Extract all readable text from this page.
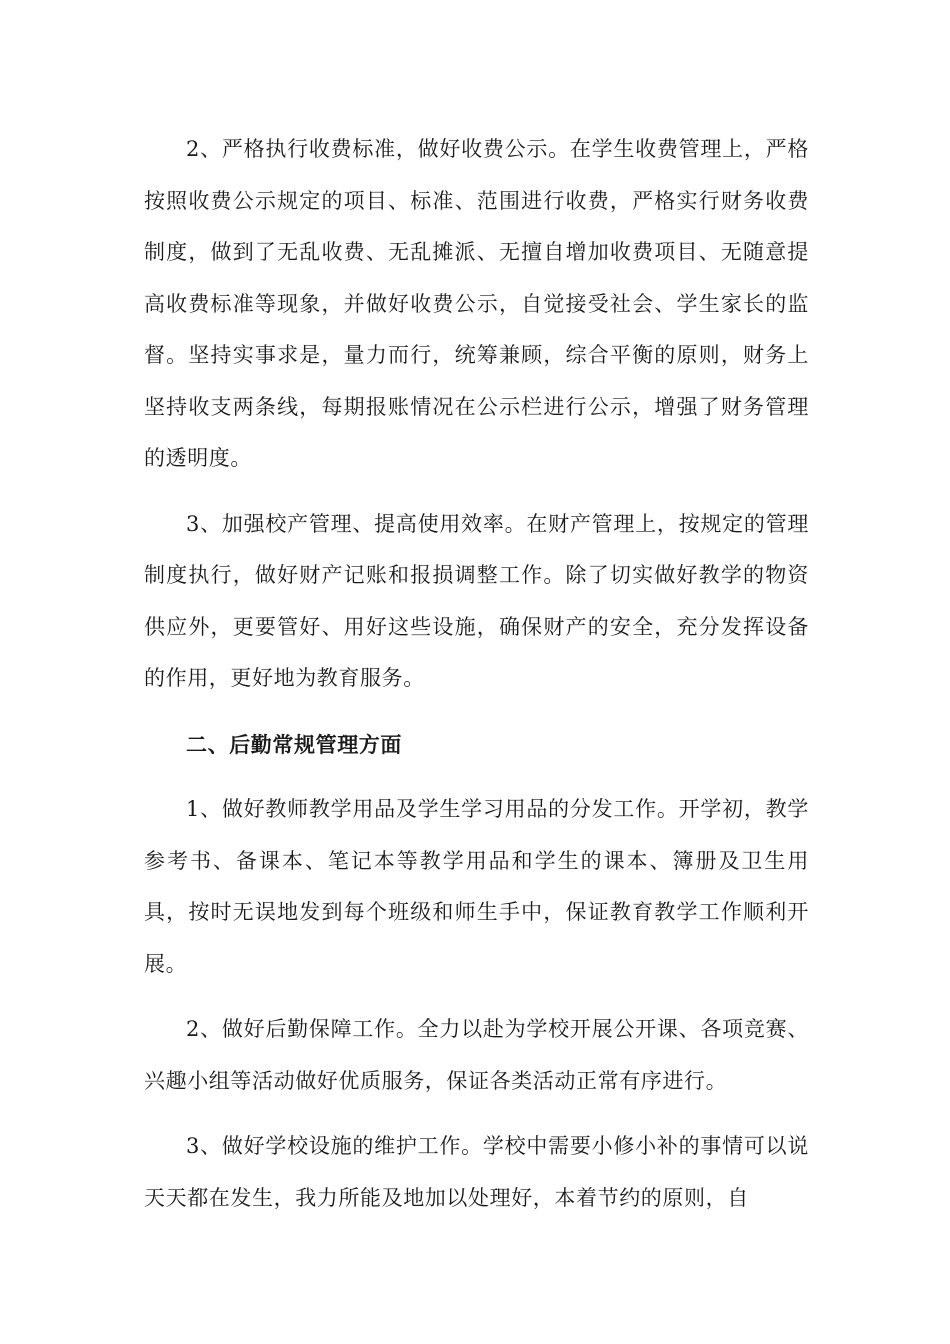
2、严格执行收费标准，做好收费公示。在学生收费管理上，严格按照收费公示规定的项目、标准、范围进行收费，严格实行财务收费制度，做到了无乱收费、无乱摊派、无擅自增加收费项目、无随意提高收费标准等现象，并做好收费公示，自觉接受社会、学生家长的监督。坚持实事求是，量力而行，统筹兼顾，综合平衡的原则，财务上坚持收支两条线，每期报账情况在公示栏进行公示，增强了财务管理的透明度。

3、加强校产管理、提高使用效率。在财产管理上，按规定的管理制度执行，做好财产记账和报损调整工作。除了切实做好教学的物资供应外，更要管好、用好这些设施，确保财产的安全，充分发挥设备的作用，更好地为教育服务。

二、后勤常规管理方面

1、做好教师教学用品及学生学习用品的分发工作。开学初，教学参考书、备课本、笔记本等教学用品和学生的课本、簿册及卫生用具，按时无误地发到每个班级和师生手中，保证教育教学工作顺利开展。

2、做好后勤保障工作。全力以赴为学校开展公开课、各项竞赛、兴趣小组等活动做好优质服务，保证各类活动正常有序进行。

3、做好学校设施的维护工作。学校中需要小修小补的事情可以说天天都在发生，我力所能及地加以处理好，本着节约的原则，自
